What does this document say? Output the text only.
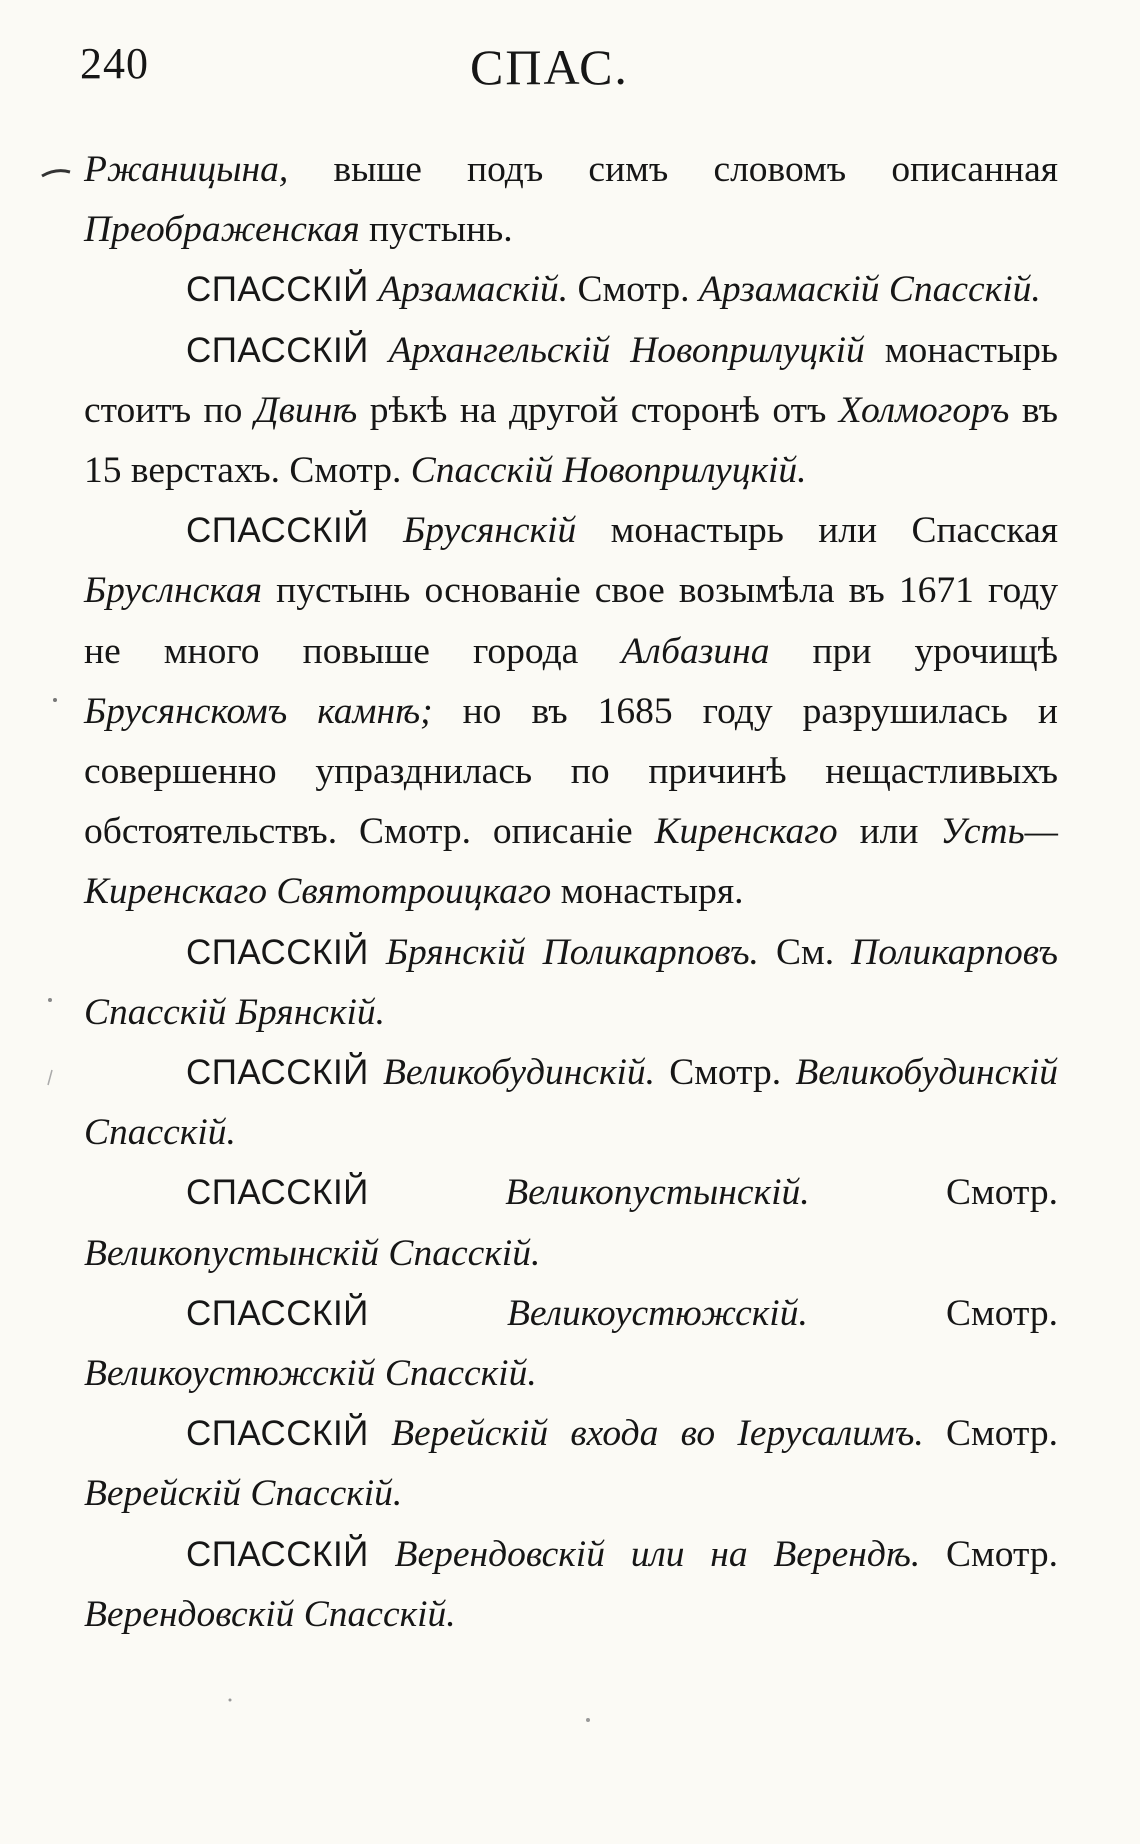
240	СПАС.

Ржаницына, выше подъ симъ словомъ описанная Преображенская пустынь.

СПАССКІЙ Арзамаскій. Смотр. Арзамаскій Спасскій.

СПАССКІЙ Архангельскій Новоприлуцкій монастырь стоитъ по Двинѣ рѣкѣ на другой сторонѣ отъ Холмогоръ въ 15 верстахъ. Смотр. Спасскій Новоприлуцкій.

СПАССКІЙ Брусянскій монастырь или Спасская Бруслнская пустынь основаніе свое возымѣла въ 1671 году не много повыше города Албазина при урочищѣ Брусянскомъ камнѣ; но въ 1685 году разрушилась и совершенно упразднилась по причинѣ нещастливыхъ обстоятельствъ. Смотр. описаніе Киренскаго или Усть—Киренскаго Святотроицкаго монастыря.

СПАССКІЙ Брянскій Поликарповъ. См. Поликарповъ Спасскій Брянскій.

СПАССКІЙ Великобудинскій. Смотр. Великобудинскій Спасскій.

СПАССКІЙ Великопустынскій. Смотр. Великопустынскій Спасскій.

СПАССКІЙ Великоустюжскій. Смотр. Великоустюжскій Спасскій.

СПАССКІЙ Верейскій входа во Іерусалимъ. Смотр. Верейскій Спасскій.

СПАССКІЙ Верендовскій или на Верендѣ. Смотр. Верендовскій Спасскій.
